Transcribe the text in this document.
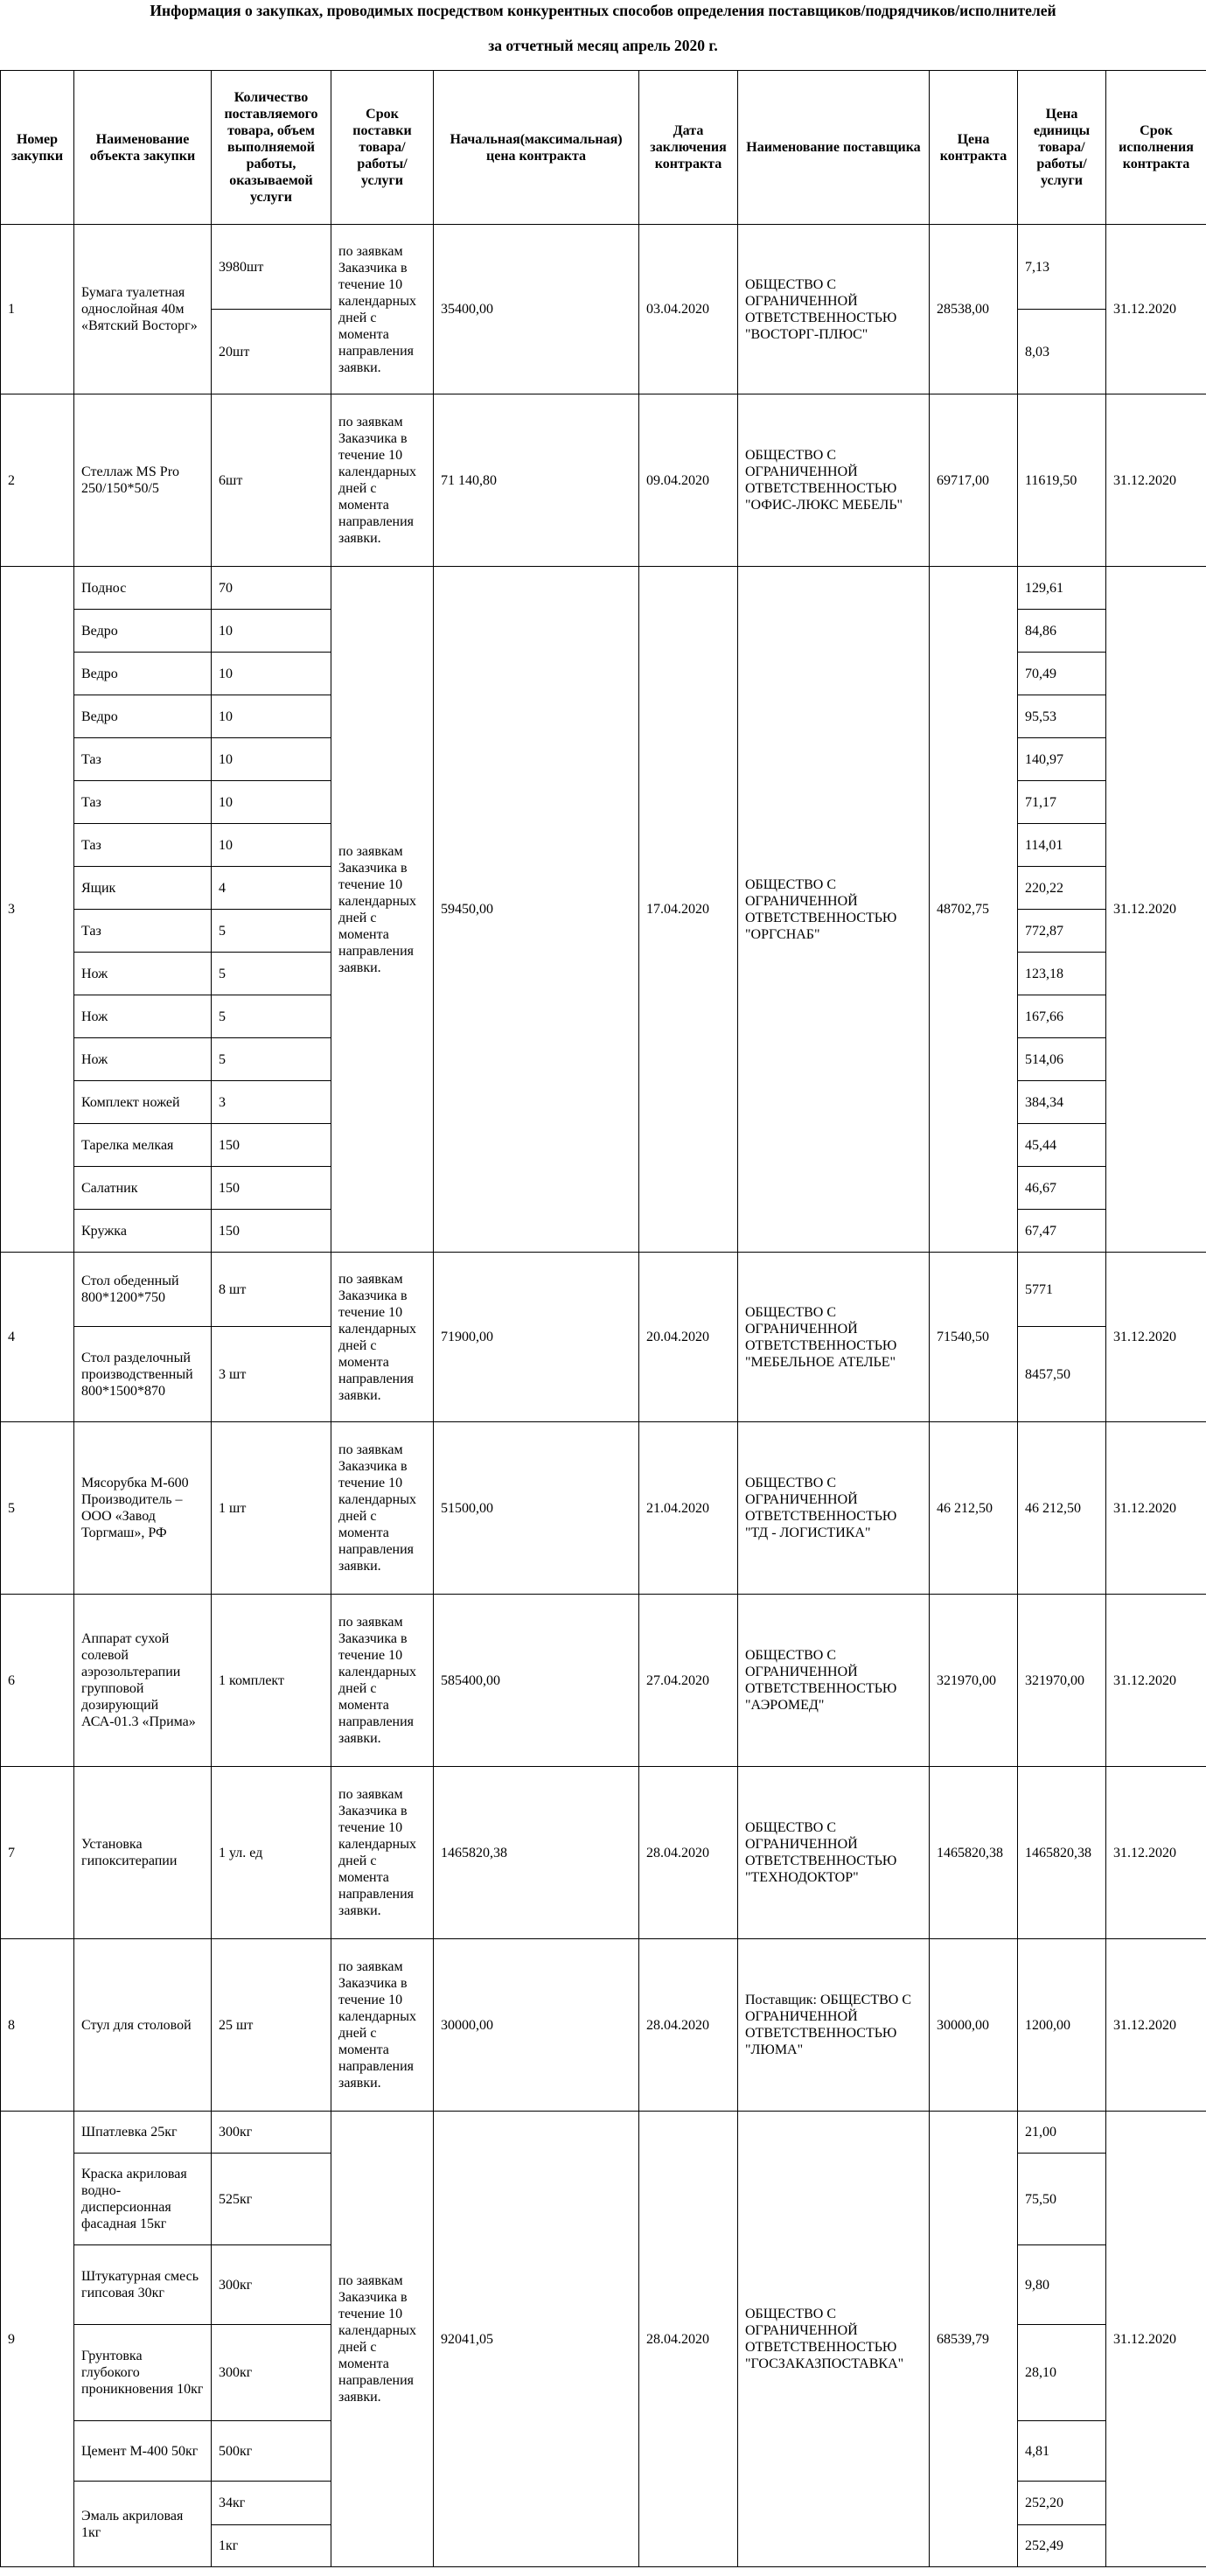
Информация о закупках, проводимых посредством конкурентных способов определения поставщиков/подрядчиков/исполнителей
за отчетный месяц апрель 2020 г.
Номер закупки	Наименование объекта закупки	Количество поставляемого товара, объем выполняемой работы, оказываемой услуги	Срок поставки товара/ работы/ услуги	Начальная(максимальная) цена контракта	Дата заключения контракта	Наименование поставщика	Цена контракта	Цена единицы товара/ работы/ услуги	Срок исполнения контракта
1	Бумага туалетная однослойная 40м «Вятский Восторг»	3980шт	по заявкам Заказчика в течение 10 календарных дней с момента направления заявки.	35400,00	03.04.2020	ОБЩЕСТВО С ОГРАНИЧЕННОЙ ОТВЕТСТВЕННОСТЬЮ "ВОСТОРГ-ПЛЮС"	28538,00	7,13	31.12.2020
		20шт						8,03	
2	Стеллаж MS Pro 250/150*50/5	6шт	по заявкам Заказчика в течение 10 календарных дней с момента направления заявки.	71 140,80	09.04.2020	ОБЩЕСТВО С ОГРАНИЧЕННОЙ ОТВЕТСТВЕННОСТЬЮ "ОФИС-ЛЮКС МЕБЕЛЬ"	69717,00	11619,50	31.12.2020
3	Поднос	70	по заявкам Заказчика в течение 10 календарных дней с момента направления заявки.	59450,00	17.04.2020	ОБЩЕСТВО С ОГРАНИЧЕННОЙ ОТВЕТСТВЕННОСТЬЮ "ОРГСНАБ"	48702,75	129,61	31.12.2020
	Ведро	10						84,86	
	Ведро	10						70,49	
	Ведро	10						95,53	
	Таз	10						140,97	
	Таз	10						71,17	
	Таз	10						114,01	
	Ящик	4						220,22	
	Таз	5						772,87	
	Нож	5						123,18	
	Нож	5						167,66	
	Нож	5						514,06	
	Комплект ножей	3						384,34	
	Тарелка мелкая	150						45,44	
	Салатник	150						46,67	
	Кружка	150						67,47	
4	Стол обеденный 800*1200*750	8 шт	по заявкам Заказчика в течение 10 календарных дней с момента направления заявки.	71900,00	20.04.2020	ОБЩЕСТВО С ОГРАНИЧЕННОЙ ОТВЕТСТВЕННОСТЬЮ "МЕБЕЛЬНОЕ АТЕЛЬЕ"	71540,50	5771	31.12.2020
	Стол разделочный производственный 800*1500*870	3 шт						8457,50	
5	Мясорубка М-600 Производитель – ООО «Завод Торгмаш», РФ	1 шт	по заявкам Заказчика в течение 10 календарных дней с момента направления заявки.	51500,00	21.04.2020	ОБЩЕСТВО С ОГРАНИЧЕННОЙ ОТВЕТСТВЕННОСТЬЮ "ТД - ЛОГИСТИКА"	46 212,50	46 212,50	31.12.2020
6	Аппарат сухой солевой аэрозольтерапии групповой дозирующий АСА-01.3 «Прима»	1 комплект	по заявкам Заказчика в течение 10 календарных дней с момента направления заявки.	585400,00	27.04.2020	ОБЩЕСТВО С ОГРАНИЧЕННОЙ ОТВЕТСТВЕННОСТЬЮ "АЭРОМЕД"	321970,00	321970,00	31.12.2020
7	Установка гипокситерапии	1 ул. ед	по заявкам Заказчика в течение 10 календарных дней с момента направления заявки.	1465820,38	28.04.2020	ОБЩЕСТВО С ОГРАНИЧЕННОЙ ОТВЕТСТВЕННОСТЬЮ "ТЕХНОДОКТОР"	1465820,38	1465820,38	31.12.2020
8	Стул для столовой	25 шт	по заявкам Заказчика в течение 10 календарных дней с момента направления заявки.	30000,00	28.04.2020	Поставщик: ОБЩЕСТВО С ОГРАНИЧЕННОЙ ОТВЕТСТВЕННОСТЬЮ "ЛЮМА"	30000,00	1200,00	31.12.2020
9	Шпатлевка 25кг	300кг	по заявкам Заказчика в течение 10 календарных дней с момента направления заявки.	92041,05	28.04.2020	ОБЩЕСТВО С ОГРАНИЧЕННОЙ ОТВЕТСТВЕННОСТЬЮ "ГОСЗАКАЗПОСТАВКА"	68539,79	21,00	31.12.2020
	Краска акриловая водно-дисперсионная фасадная 15кг	525кг						75,50	
	Штукатурная смесь гипсовая 30кг	300кг						9,80	
	Грунтовка глубокого проникновения 10кг	300кг						28,10	
	Цемент М-400 50кг	500кг						4,81	
	Эмаль акриловая 1кг	34кг						252,20	
		1кг						252,49	
